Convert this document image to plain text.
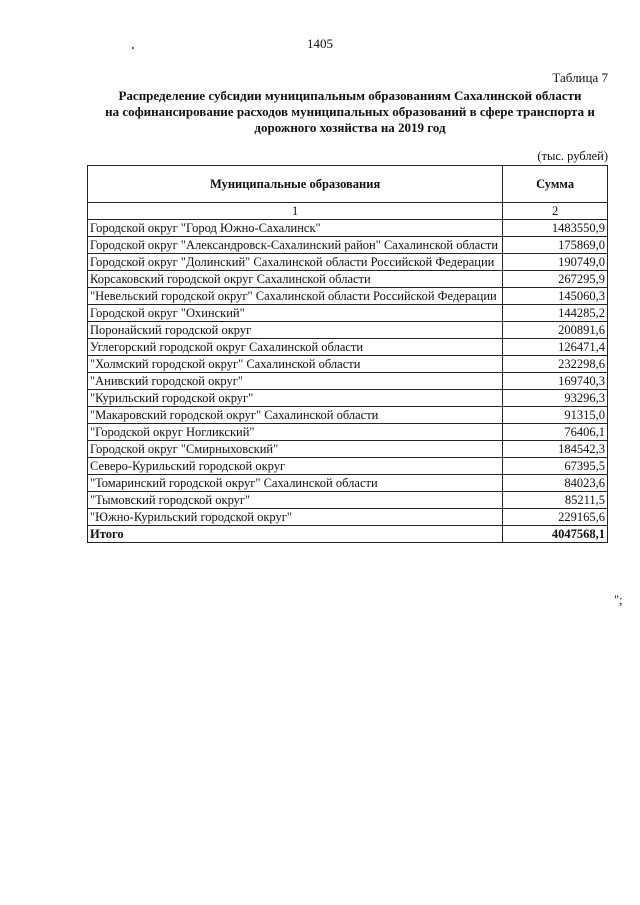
1405
Таблица 7
Распределение субсидии муниципальным образованиям Сахалинской области
на софинансирование расходов муниципальных образований в сфере транспорта и
дорожного хозяйства на 2019 год
(тыс. рублей)
Муниципальные образования	Сумма
1	2
Городской округ "Город Южно-Сахалинск"	1483550,9
Городской округ "Александровск-Сахалинский район" Сахалинской области	175869,0
Городской округ "Долинский" Сахалинской области Российской Федерации	190749,0
Корсаковский городской округ Сахалинской области	267295,9
"Невельский городской округ" Сахалинской области Российской Федерации	145060,3
Городской округ "Охинский"	144285,2
Поронайский городской округ	200891,6
Углегорский городской округ Сахалинской области	126471,4
"Холмский городской округ" Сахалинской области	232298,6
"Анивский городской округ"	169740,3
"Курильский городской округ"	93296,3
"Макаровский городской округ" Сахалинской области	91315,0
"Городской округ Ногликский"	76406,1
Городской округ "Смирныховский"	184542,3
Северо-Курильский городской округ	67395,5
"Томаринский городской округ" Сахалинской области	84023,6
"Тымовский городской округ"	85211,5
"Южно-Курильский городской округ"	229165,6
Итого	4047568,1
";
